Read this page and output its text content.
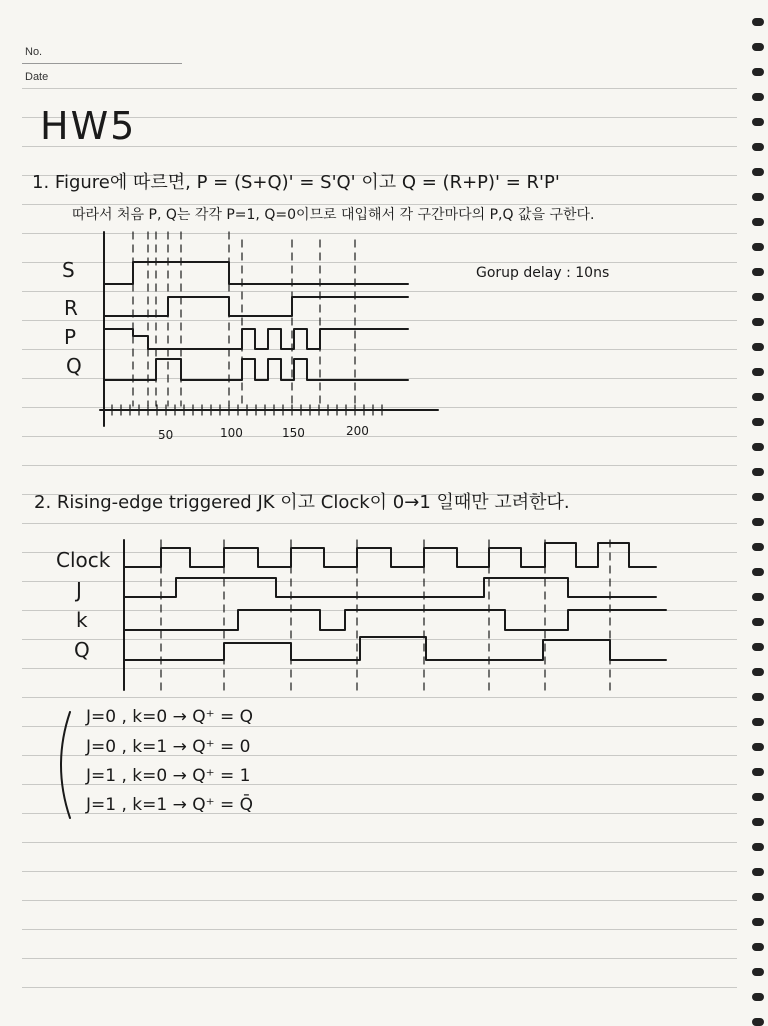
No.
Date
HW5
1. Figure에 따르면, P = (S+Q)' = S'Q' 이고 Q = (R+P)' = R'P'
따라서 처음 P, Q는 각각 P=1, Q=0이므로 대입해서 각 구간마다의 P,Q 값을 구한다.
S
R
P
Q
50	100	150	200
Gorup delay : 10ns
2. Rising-edge triggered JK 이고 Clock이 0→1 일때만 고려한다.
Clock
J
k
Q
J=0 , k=0 → Q⁺ = Q
J=0 , k=1 → Q⁺ = 0
J=1 , k=0 → Q⁺ = 1
J=1 , k=1 → Q⁺ = Q̄
